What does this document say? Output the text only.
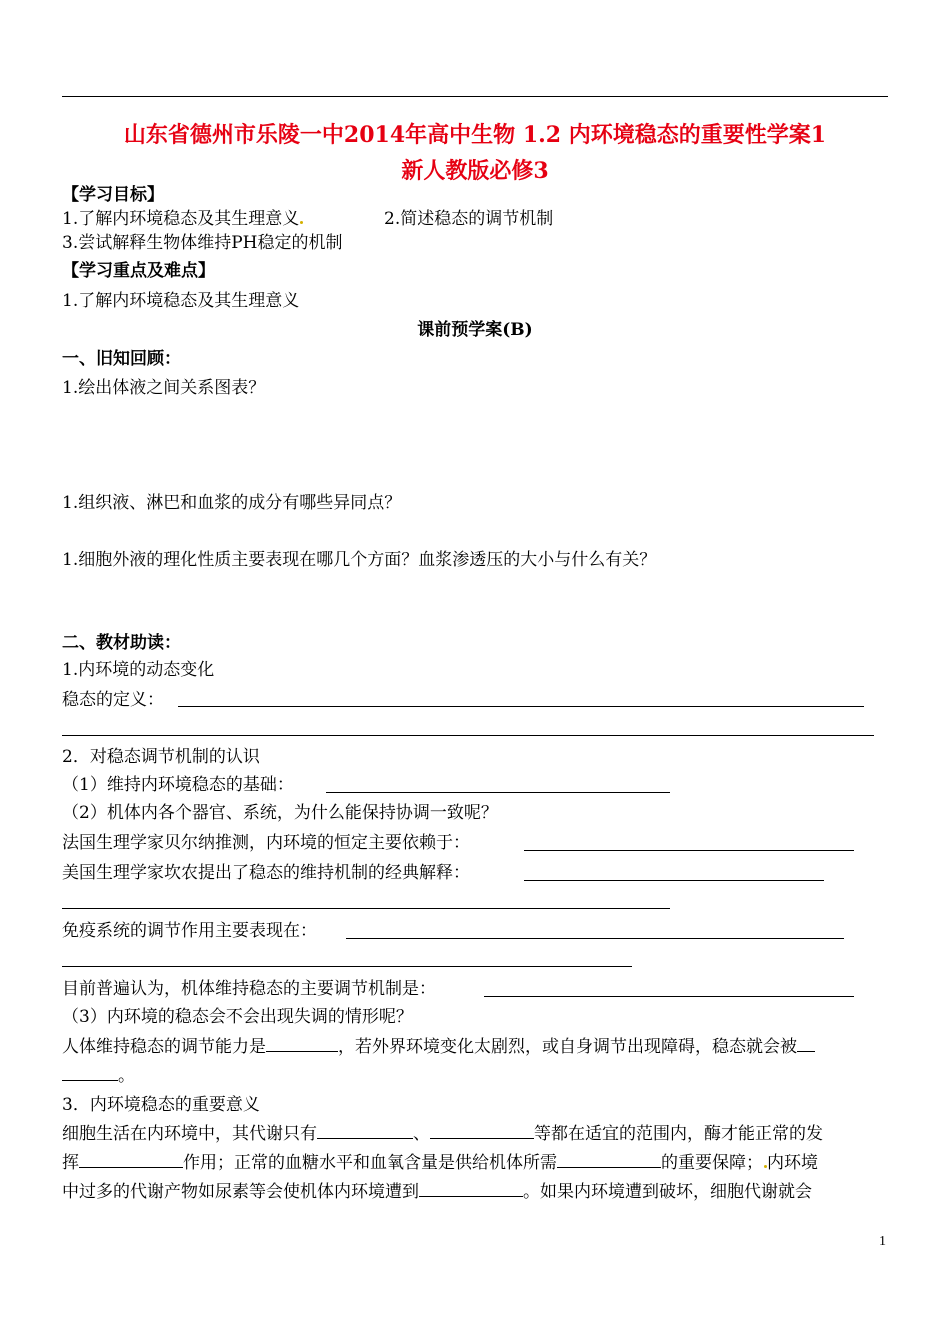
山东省德州市乐陵一中2014年高中生物 1.2 内环境稳态的重要性学案1
新人教版必修3
【学习目标】
1.了解内环境稳态及其生理意义	2.简述稳态的调节机制
3.尝试解释生物体维持PH稳定的机制
【学习重点及难点】
1.了解内环境稳态及其生理意义
课前预学案(B)
一、旧知回顾：
1.绘出体液之间关系图表？
1.组织液、淋巴和血浆的成分有哪些异同点？
1.细胞外液的理化性质主要表现在哪几个方面？血浆渗透压的大小与什么有关？
二、教材助读：
1.内环境的动态变化
稳态的定义：
2．对稳态调节机制的认识
（1）维持内环境稳态的基础：
（2）机体内各个器官、系统，为什么能保持协调一致呢？
法国生理学家贝尔纳推测，内环境的恒定主要依赖于：
美国生理学家坎农提出了稳态的维持机制的经典解释：
免疫系统的调节作用主要表现在：
目前普遍认为，机体维持稳态的主要调节机制是：
（3）内环境的稳态会不会出现失调的情形呢？
人体维持稳态的调节能力是	，若外界环境变化太剧烈，或自身调节出现障碍，稳态就会被
。
3．内环境稳态的重要意义
细胞生活在内环境中，其代谢只有	、	等都在适宜的范围内，酶才能正常的发
挥	作用；正常的血糖水平和血氧含量是供给机体所需	的重要保障； 内环境
中过多的代谢产物如尿素等会使机体内环境遭到	。如果内环境遭到破坏，细胞代谢就会
1
